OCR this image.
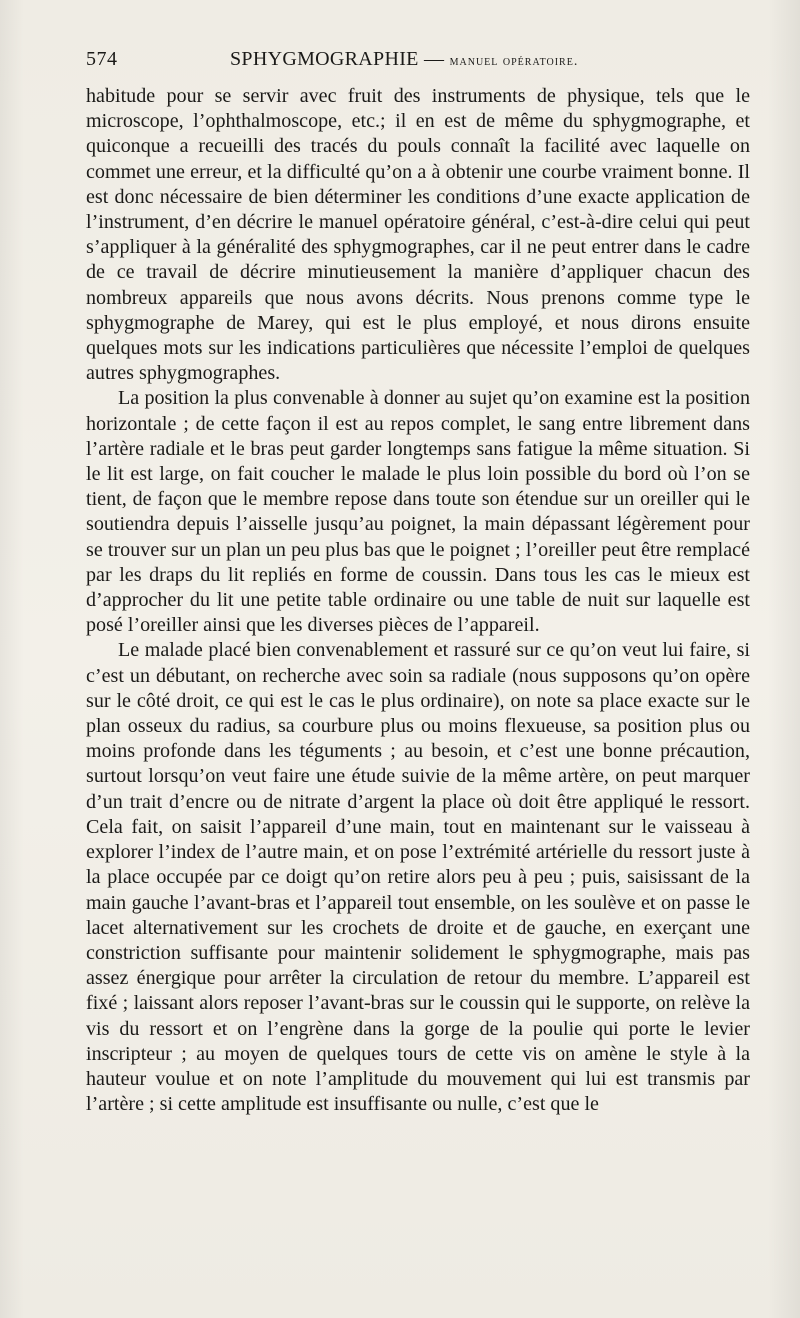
574	SPHYGMOGRAPHIE — manuel opératoire.

habitude pour se servir avec fruit des instruments de physique, tels que le microscope, l’ophthalmoscope, etc.; il en est de même du sphygmographe, et quiconque a recueilli des tracés du pouls connaît la facilité avec laquelle on commet une erreur, et la difficulté qu’on a à obtenir une courbe vraiment bonne. Il est donc nécessaire de bien déterminer les conditions d’une exacte application de l’instrument, d’en décrire le manuel opératoire général, c’est-à-dire celui qui peut s’appliquer à la généralité des sphygmographes, car il ne peut entrer dans le cadre de ce travail de décrire minutieusement la manière d’appliquer chacun des nombreux appareils que nous avons décrits. Nous prenons comme type le sphygmographe de Marey, qui est le plus employé, et nous dirons ensuite quelques mots sur les indications particulières que nécessite l’emploi de quelques autres sphygmographes.

La position la plus convenable à donner au sujet qu’on examine est la position horizontale ; de cette façon il est au repos complet, le sang entre librement dans l’artère radiale et le bras peut garder longtemps sans fatigue la même situation. Si le lit est large, on fait coucher le malade le plus loin possible du bord où l’on se tient, de façon que le membre repose dans toute son étendue sur un oreiller qui le soutiendra depuis l’aisselle jusqu’au poignet, la main dépassant légèrement pour se trouver sur un plan un peu plus bas que le poignet ; l’oreiller peut être remplacé par les draps du lit repliés en forme de coussin. Dans tous les cas le mieux est d’approcher du lit une petite table ordinaire ou une table de nuit sur laquelle est posé l’oreiller ainsi que les diverses pièces de l’appareil.

Le malade placé bien convenablement et rassuré sur ce qu’on veut lui faire, si c’est un débutant, on recherche avec soin sa radiale (nous supposons qu’on opère sur le côté droit, ce qui est le cas le plus ordinaire), on note sa place exacte sur le plan osseux du radius, sa courbure plus ou moins flexueuse, sa position plus ou moins profonde dans les téguments ; au besoin, et c’est une bonne précaution, surtout lorsqu’on veut faire une étude suivie de la même artère, on peut marquer d’un trait d’encre ou de nitrate d’argent la place où doit être appliqué le ressort. Cela fait, on saisit l’appareil d’une main, tout en maintenant sur le vaisseau à explorer l’index de l’autre main, et on pose l’extrémité artérielle du ressort juste à la place occupée par ce doigt qu’on retire alors peu à peu ; puis, saisissant de la main gauche l’avant-bras et l’appareil tout ensemble, on les soulève et on passe le lacet alternativement sur les crochets de droite et de gauche, en exerçant une constriction suffisante pour maintenir solidement le sphygmographe, mais pas assez énergique pour arrêter la circulation de retour du membre. L’appareil est fixé ; laissant alors reposer l’avant-bras sur le coussin qui le supporte, on relève la vis du ressort et on l’engrène dans la gorge de la poulie qui porte le levier inscripteur ; au moyen de quelques tours de cette vis on amène le style à la hauteur voulue et on note l’amplitude du mouvement qui lui est transmis par l’artère ; si cette amplitude est insuffisante ou nulle, c’est que le
